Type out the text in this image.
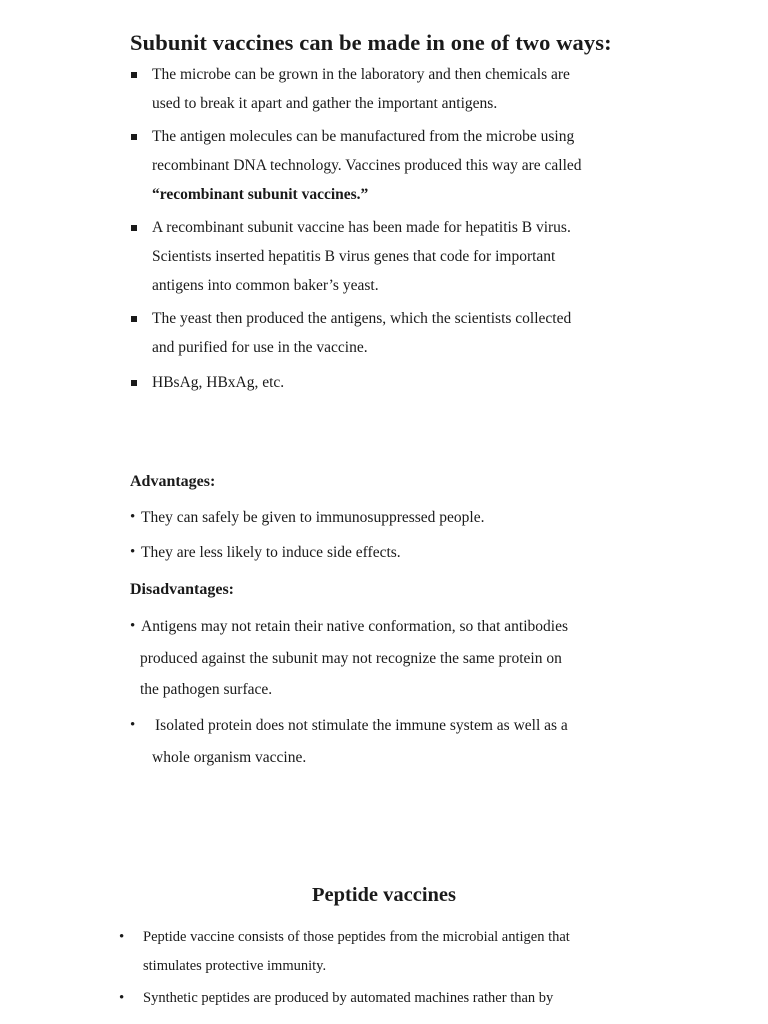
Subunit vaccines can be made in one of two ways:
The microbe can be grown in the laboratory and then chemicals are
used to break it apart and gather the important antigens.
The antigen molecules can be manufactured from the microbe using
recombinant DNA technology. Vaccines produced this way are called
“recombinant subunit vaccines.”
A recombinant subunit vaccine has been made for hepatitis B virus.
Scientists inserted hepatitis B virus genes that code for important
antigens into common baker’s yeast.
The yeast then produced the antigens, which the scientists collected
and purified for use in the vaccine.
HBsAg, HBxAg, etc.
Advantages:
• They can safely be given to immunosuppressed people.
• They are less likely to induce side effects.
Disadvantages:
• Antigens may not retain their native conformation, so that antibodies
produced against the subunit may not recognize the same protein on
the pathogen surface.
• Isolated protein does not stimulate the immune system as well as a
whole organism vaccine.
Peptide vaccines
• Peptide vaccine consists of those peptides from the microbial antigen that
stimulates protective immunity.
• Synthetic peptides are produced by automated machines rather than by
